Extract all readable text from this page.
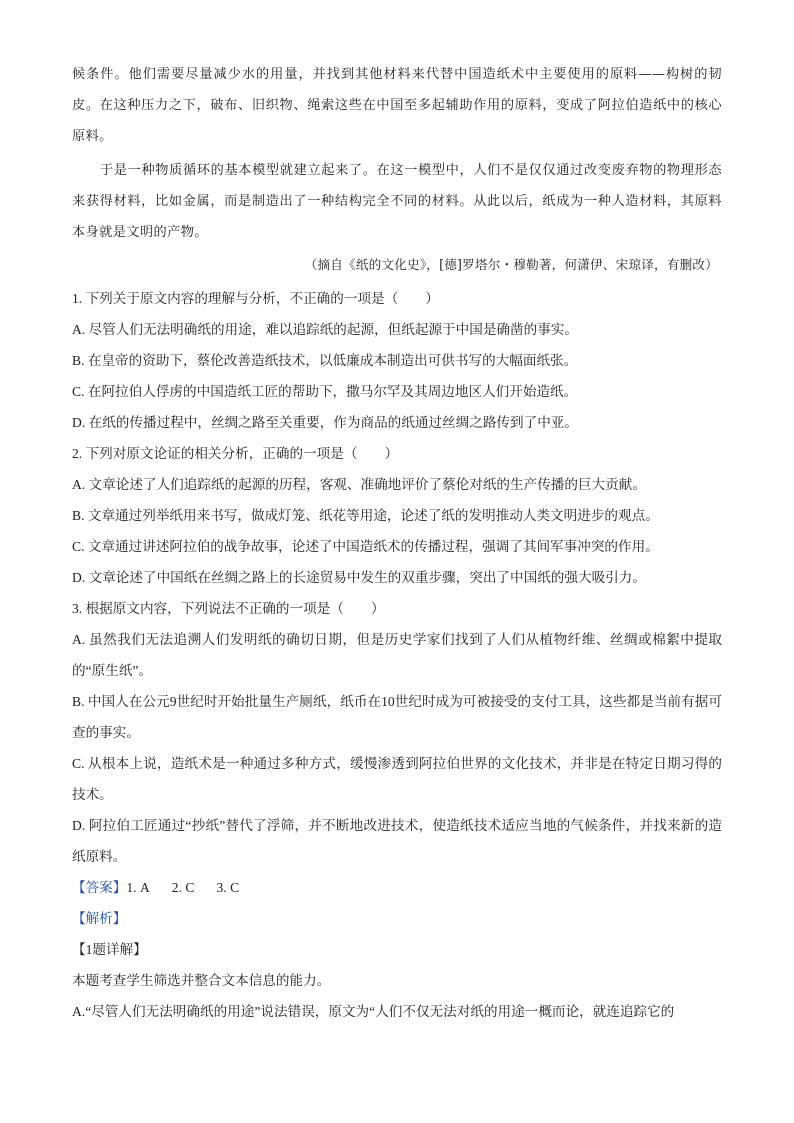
候条件。他们需要尽量减少水的用量，并找到其他材料来代替中国造纸术中主要使用的原料——构树的韧皮。在这种压力之下，破布、旧织物、绳索这些在中国至多起辅助作用的原料，变成了阿拉伯造纸中的核心原料。
于是一种物质循环的基本模型就建立起来了。在这一模型中，人们不是仅仅通过改变废弃物的物理形态来获得材料，比如金属，而是制造出了一种结构完全不同的材料。从此以后，纸成为一种人造材料，其原料本身就是文明的产物。
（摘自《纸的文化史》，[德]罗塔尔・穆勒著，何潇伊、宋琼译，有删改）
1. 下列关于原文内容的理解与分析，不正确的一项是（　　）
A. 尽管人们无法明确纸的用途，难以追踪纸的起源，但纸起源于中国是确凿的事实。
B. 在皇帝的资助下，蔡伦改善造纸技术，以低廉成本制造出可供书写的大幅面纸张。
C. 在阿拉伯人俘虏的中国造纸工匠的帮助下，撒马尔罕及其周边地区人们开始造纸。
D. 在纸的传播过程中，丝绸之路至关重要，作为商品的纸通过丝绸之路传到了中亚。
2. 下列对原文论证的相关分析，正确的一项是（　　）
A. 文章论述了人们追踪纸的起源的历程，客观、准确地评价了蔡伦对纸的生产传播的巨大贡献。
B. 文章通过列举纸用来书写，做成灯笼、纸花等用途，论述了纸的发明推动人类文明进步的观点。
C. 文章通过讲述阿拉伯的战争故事，论述了中国造纸术的传播过程，强调了其间军事冲突的作用。
D. 文章论述了中国纸在丝绸之路上的长途贸易中发生的双重步骤，突出了中国纸的强大吸引力。
3. 根据原文内容，下列说法不正确的一项是（　　）
A. 虽然我们无法追溯人们发明纸的确切日期，但是历史学家们找到了人们从植物纤维、丝绸或棉絮中提取的“原生纸”。
B. 中国人在公元9世纪时开始批量生产厕纸，纸币在10世纪时成为可被接受的支付工具，这些都是当前有据可查的事实。
C. 从根本上说，造纸术是一种通过多种方式，缓慢渗透到阿拉伯世界的文化技术，并非是在特定日期习得的技术。
D. 阿拉伯工匠通过“抄纸”替代了浮筛，并不断地改进技术，使造纸技术适应当地的气候条件，并找来新的造纸原料。
【答案】1. A 2. C 3. C
【解析】
【1题详解】
本题考查学生筛选并整合文本信息的能力。
A.“尽管人们无法明确纸的用途”说法错误，原文为“人们不仅无法对纸的用途一概而论，就连追踪它的
